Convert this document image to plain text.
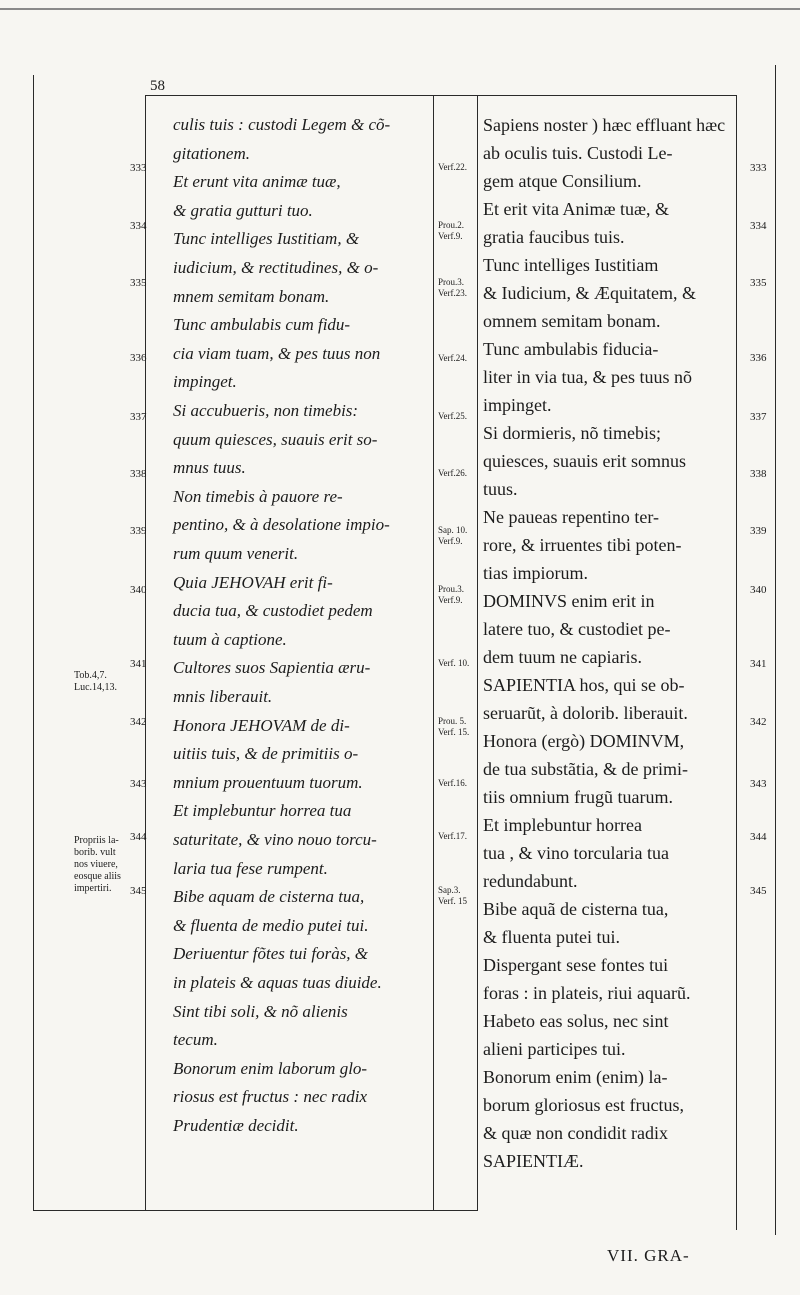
58
culis tuis : custodi Legem & cõ-
gitationem.
Et erunt vita animæ tuæ,
& gratia gutturi tuo.
Tunc intelliges Iustitiam, &
iudicium, & rectitudines, & o-
mnem semitam bonam.
Tunc ambulabis cum fidu-
cia viam tuam, & pes tuus non
impinget.
Si accubueris, non timebis:
quum quiesces, suauis erit so-
mnus tuus.
Non timebis à pauore re-
pentino, & à desolatione impio-
rum quum venerit.
Quia JEHOVAH erit fi-
ducia tua, & custodiet pedem
tuum à captione.
Cultores suos Sapientia æru-
mnis liberauit.
Honora JEHOVAM de di-
uitiis tuis, & de primitiis o-
mnium prouentuum tuorum.
Et implebuntur horrea tua
saturitate, & vino nouo torcu-
laria tua fese rumpent.
Bibe aquam de cisterna tua,
& fluenta de medio putei tui.
Deriuentur fõtes tui foràs, &
in plateis & aquas tuas diuide.
Sint tibi soli, & nõ alienis
tecum.
Bonorum enim laborum glo-
riosus est fructus : nec radix
Prudentiæ decidit.
Sapiens noster ) hæc effluant hæc
ab oculis tuis. Custodi Le-
gem atque Consilium.
Et erit vita Animæ tuæ, &
gratia faucibus tuis.
Tunc intelliges Iustitiam
& Iudicium, & Æquitatem, &
omnem semitam bonam.
Tunc ambulabis fiducia-
liter in via tua, & pes tuus nõ
impinget.
Si dormieris, nõ timebis;
quiesces, suauis erit somnus
tuus.
Ne paueas repentino ter-
rore, & irruentes tibi poten-
tias impiorum.
DOMINVS enim erit in
latere tuo, & custodiet pe-
dem tuum ne capiaris.
SAPIENTIA hos, qui se ob-
seruarũt, à dolorib. liberauit.
Honora (ergò) DOMINVM,
de tua substãtia, & de primi-
tiis omnium frugũ tuarum.
Et implebuntur horrea
tua , & vino torcularia tua
redundabunt.
Bibe aquã de cisterna tua,
& fluenta putei tui.
Dispergant sese fontes tui
foras : in plateis, riui aquarũ.
Habeto eas solus, nec sint
alieni participes tui.
Bonorum enim (enim) la-
borum gloriosus est fructus,
& quæ non condidit radix
SAPIENTIÆ.
333	333
334	334
335	335
336	336
337	337
338	338
339	339
340	340
341	341
342	342
343	343
344	344
345	345
Verf.22.
Prou.2. Verf.9.
Prou.3. Verf.23.
Verf.24.
Verf.25.
Verf.26.
Sap. 10. Verf.9.
Prou.3. Verf.9.
Verf. 10.
Prou. 5. Verf. 15.
Verf.16.
Verf.17.
Sap.3. Verf. 15
Tob.4,7. Luc.14,13.
Propriis la- borib. vult nos viuere, eosque aliis impertiri.
VII. GRA-
